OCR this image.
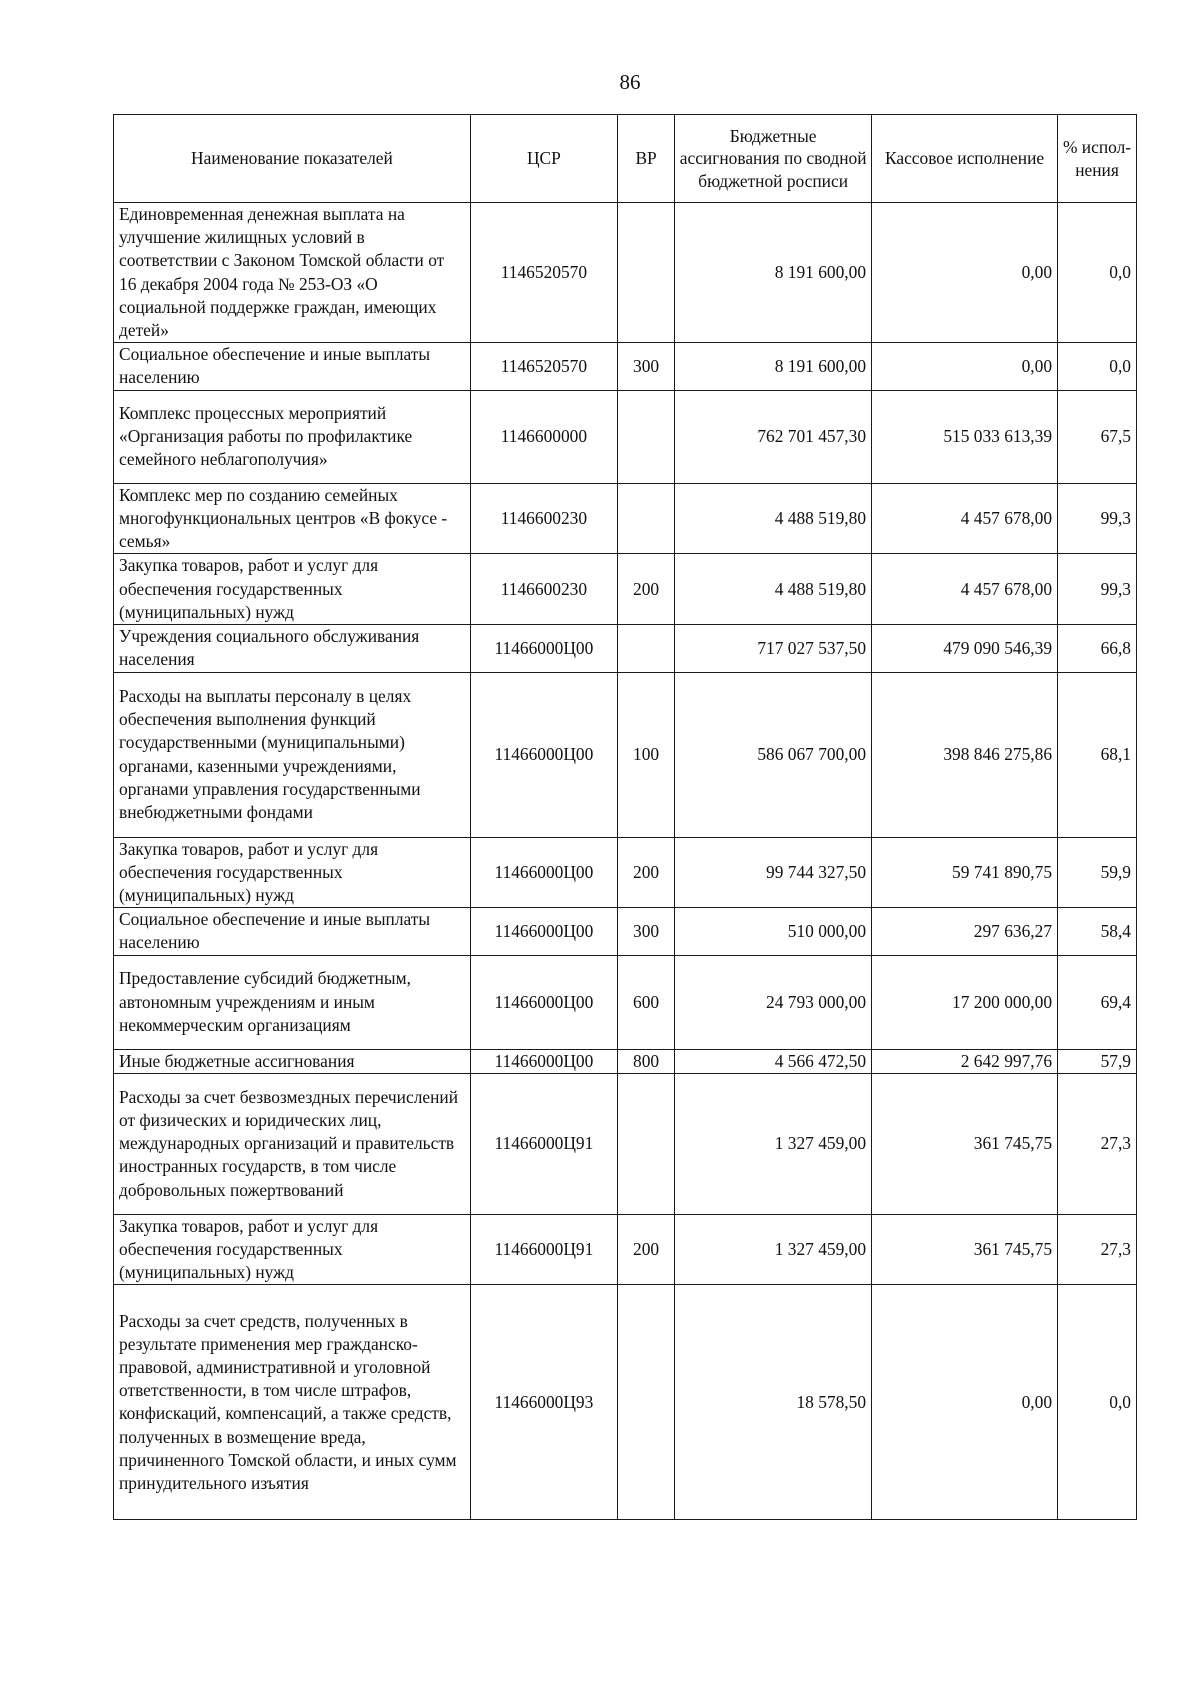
86
Наименование показателей	ЦСР	ВР	Бюджетные ассигнования по сводной бюджетной росписи	Кассовое исполнение	% испол-нения
Единовременная денежная выплата на улучшение жилищных условий в соответствии с Законом Томской области от 16 декабря 2004 года № 253-ОЗ «О социальной поддержке граждан, имеющих детей»	1146520570		8 191 600,00	0,00	0,0
Социальное обеспечение и иные выплаты населению	1146520570	300	8 191 600,00	0,00	0,0
Комплекс процессных мероприятий «Организация работы по профилактике семейного неблагополучия»	1146600000		762 701 457,30	515 033 613,39	67,5
Комплекс мер по созданию семейных многофункциональных центров «В фокусе - семья»	1146600230		4 488 519,80	4 457 678,00	99,3
Закупка товаров, работ и услуг для обеспечения государственных (муниципальных) нужд	1146600230	200	4 488 519,80	4 457 678,00	99,3
Учреждения социального обслуживания населения	11466000Ц00		717 027 537,50	479 090 546,39	66,8
Расходы на выплаты персоналу в целях обеспечения выполнения функций государственными (муниципальными) органами, казенными учреждениями, органами управления государственными внебюджетными фондами	11466000Ц00	100	586 067 700,00	398 846 275,86	68,1
Закупка товаров, работ и услуг для обеспечения государственных (муниципальных) нужд	11466000Ц00	200	99 744 327,50	59 741 890,75	59,9
Социальное обеспечение и иные выплаты населению	11466000Ц00	300	510 000,00	297 636,27	58,4
Предоставление субсидий бюджетным, автономным учреждениям и иным некоммерческим организациям	11466000Ц00	600	24 793 000,00	17 200 000,00	69,4
Иные бюджетные ассигнования	11466000Ц00	800	4 566 472,50	2 642 997,76	57,9
Расходы за счет безвозмездных перечислений от физических и юридических лиц, международных организаций и правительств иностранных государств, в том числе добровольных пожертвований	11466000Ц91		1 327 459,00	361 745,75	27,3
Закупка товаров, работ и услуг для обеспечения государственных (муниципальных) нужд	11466000Ц91	200	1 327 459,00	361 745,75	27,3
Расходы за счет средств, полученных в результате применения мер гражданско-правовой, административной и уголовной ответственности, в том числе штрафов, конфискаций, компенсаций, а также средств, полученных в возмещение вреда, причиненного Томской области, и иных сумм принудительного изъятия	11466000Ц93		18 578,50	0,00	0,0
